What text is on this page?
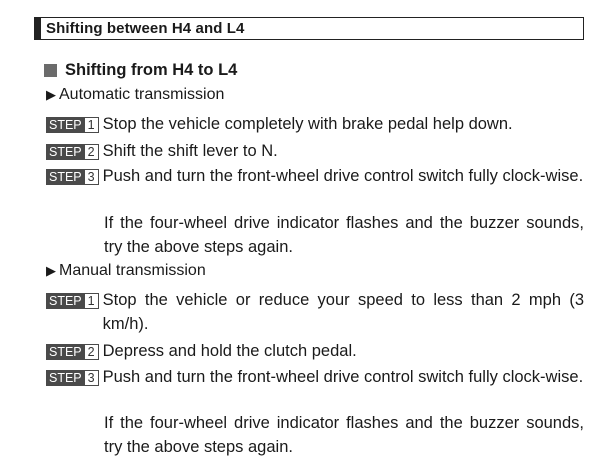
Shifting between H4 and L4
Shifting from H4 to L4
▶ Automatic transmission
STEP 1 Stop the vehicle completely with brake pedal help down.
STEP 2 Shift the shift lever to N.
STEP 3 Push and turn the front-wheel drive control switch fully clock-wise.
If the four-wheel drive indicator flashes and the buzzer sounds, try the above steps again.
▶ Manual transmission
STEP 1 Stop the vehicle or reduce your speed to less than 2 mph (3 km/h).
STEP 2 Depress and hold the clutch pedal.
STEP 3 Push and turn the front-wheel drive control switch fully clock-wise.
If the four-wheel drive indicator flashes and the buzzer sounds, try the above steps again.
